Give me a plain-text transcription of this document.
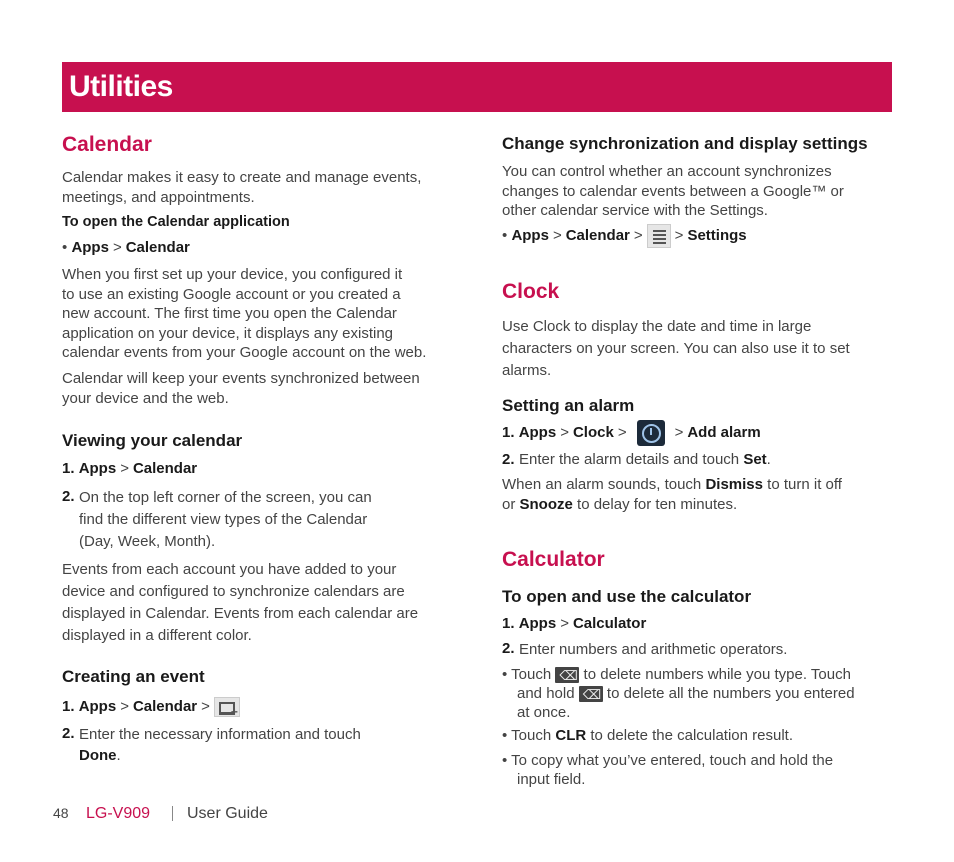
Utilities
Calendar
Calendar makes it easy to create and manage events,
meetings, and appointments.
To open the Calendar application
• Apps > Calendar
When you first set up your device, you configured it
to use an existing Google account or you created a
new account. The first time you open the Calendar
application on your device, it displays any existing
calendar events from your Google account on the web.
Calendar will keep your events synchronized between
your device and the web.
Viewing your calendar
1. Apps > Calendar
2. On the top left corner of the screen, you can
find the different view types of the Calendar
(Day, Week, Month).
Events from each account you have added to your
device and configured to synchronize calendars are
displayed in Calendar. Events from each calendar are
displayed in a different color.
Creating an event
1. Apps > Calendar >+
2. Enter the necessary information and touch
Done.
Change synchronization and display settings
You can control whether an account synchronizes
changes to calendar events between a Google™ or
other calendar service with the Settings.
• Apps > Calendar > > Settings
Clock
Use Clock to display the date and time in large
characters on your screen. You can also use it to set
alarms.
Setting an alarm
1. Apps > Clock >	> Add alarm
2. Enter the alarm details and touch Set.
When an alarm sounds, touch Dismiss to turn it off
or Snooze to delay for ten minutes.
Calculator
To open and use the calculator
1. Apps > Calculator
2. Enter numbers and arithmetic operators.
• Touch ⌫ to delete numbers while you type. Touch
and hold ⌫ to delete all the numbers you entered
at once.
• Touch CLR to delete the calculation result.
• To copy what you’ve entered, touch and hold the
input field.
48 LG-V909 User Guide
